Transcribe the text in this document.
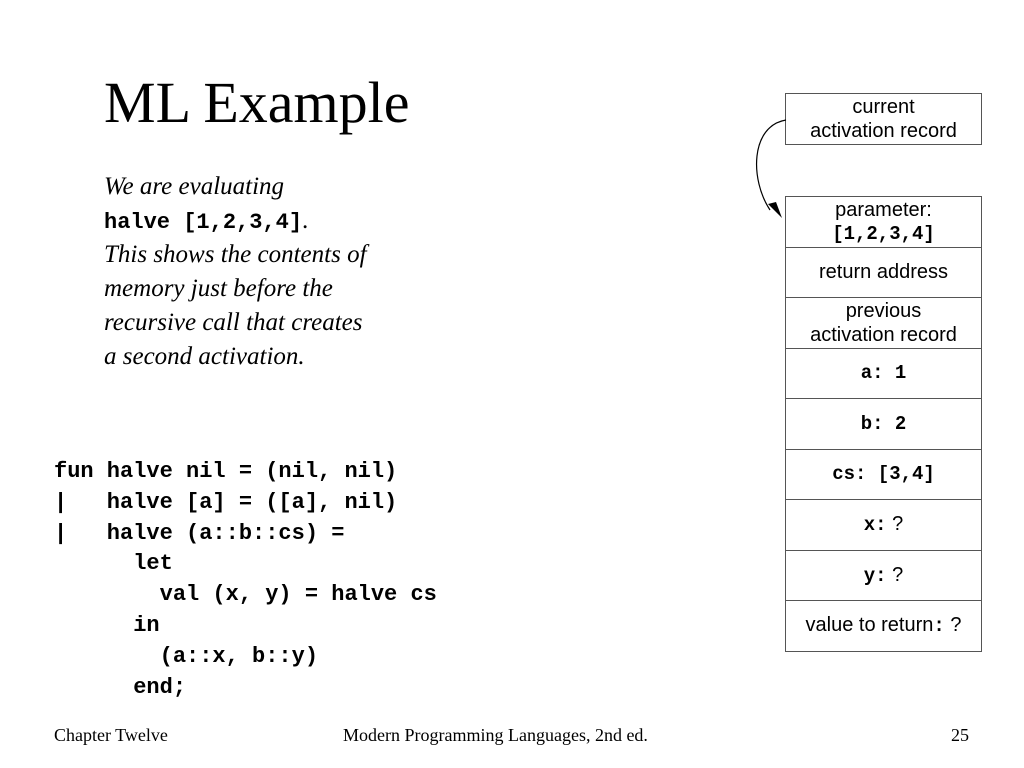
ML Example
We are evaluating
halve [1,2,3,4].
This shows the contents of
memory just before the
recursive call that creates
a second activation.
fun halve nil = (nil, nil)
|   halve [a] = ([a], nil)
|   halve (a::b::cs) =
let
val (x, y) = halve cs
in
(a::x, b::y)
end;
current
activation record
parameter:
[1,2,3,4]
return address
previous
activation record
a: 1
b: 2
cs: [3,4]
x: ?
y: ?
value to return: ?
Chapter Twelve	Modern Programming Languages, 2nd ed.	25
